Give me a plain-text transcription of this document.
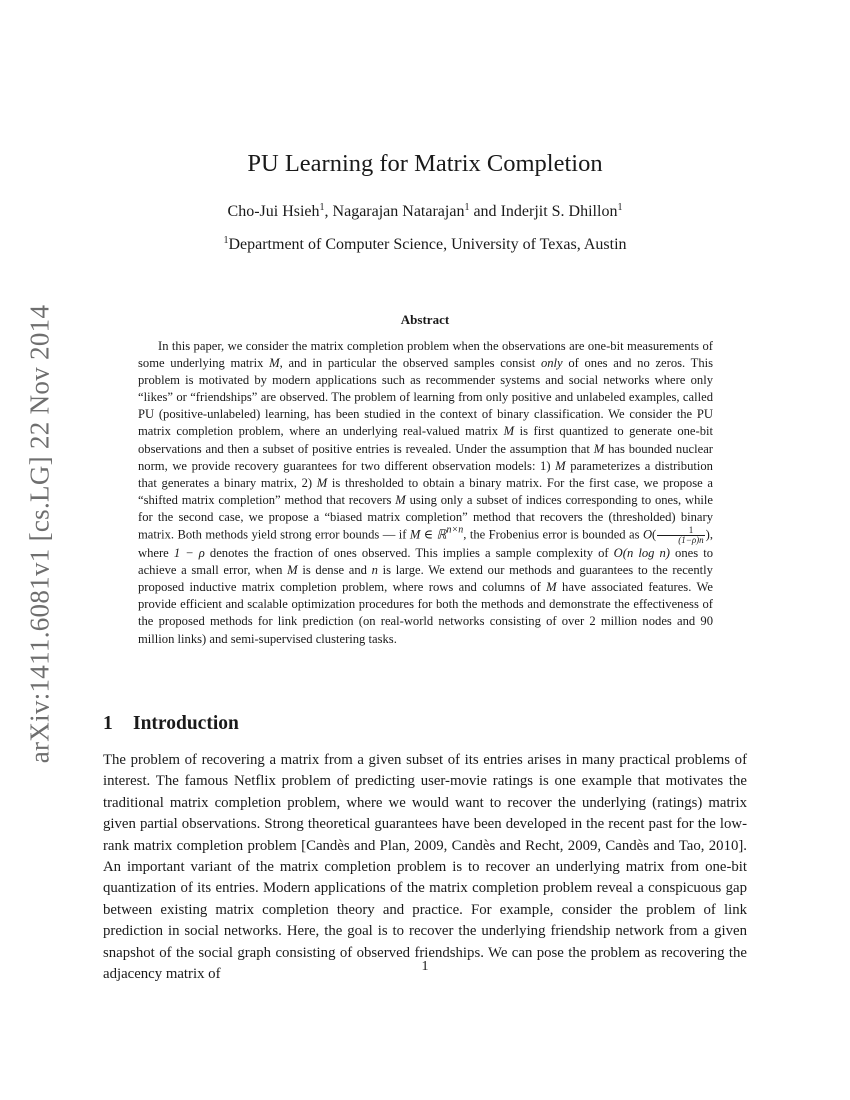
arXiv:1411.6081v1 [cs.LG] 22 Nov 2014
PU Learning for Matrix Completion
Cho-Jui Hsieh$^1$, Nagarajan Natarajan$^1$ and Inderjit S. Dhillon$^1$
$^1$Department of Computer Science, University of Texas, Austin
Abstract

In this paper, we consider the matrix completion problem when the observations are one-bit measurements of some underlying matrix M, and in particular the observed samples consist only of ones and no zeros. This problem is motivated by modern applications such as recommender systems and social networks where only “likes” or “friendships” are observed. The problem of learning from only positive and unlabeled examples, called PU (positive-unlabeled) learning, has been studied in the context of binary classification. We consider the PU matrix completion problem, where an underlying real-valued matrix M is first quantized to generate one-bit observations and then a subset of positive entries is revealed. Under the assumption that M has bounded nuclear norm, we provide recovery guarantees for two different observation models: 1) M parameterizes a distribution that generates a binary matrix, 2) M is thresholded to obtain a binary matrix. For the first case, we propose a “shifted matrix completion” method that recovers M using only a subset of indices corresponding to ones, while for the second case, we propose a “biased matrix completion” method that recovers the (thresholded) binary matrix. Both methods yield strong error bounds — if M ∈ ℝ$^{n\times n}$, the Frobenius error is bounded as $O( \frac{1}{(1-\rho)n}$ ), where 1 − ρ denotes the fraction of ones observed. This implies a sample complexity of O(n log n) ones to achieve a small error, when M is dense and n is large. We extend our methods and guarantees to the recently proposed inductive matrix completion problem, where rows and columns of M have associated features. We provide efficient and scalable optimization procedures for both the methods and demonstrate the effectiveness of the proposed methods for link prediction (on real-world networks consisting of over 2 million nodes and 90 million links) and semi-supervised clustering tasks.

1 Introduction

The problem of recovering a matrix from a given subset of its entries arises in many practical problems of interest. The famous Netflix problem of predicting user-movie ratings is one example that motivates the traditional matrix completion problem, where we would want to recover the underlying (ratings) matrix given partial observations. Strong theoretical guarantees have been developed in the recent past for the low-rank matrix completion problem [Candès and Plan, 2009, Candès and Recht, 2009, Candès and Tao, 2010]. An important variant of the matrix completion problem is to recover an underlying matrix from one-bit quantization of its entries. Modern applications of the matrix completion problem reveal a conspicuous gap between existing matrix completion theory and practice. For example, consider the problem of link prediction in social networks. Here, the goal is to recover the underlying friendship network from a given snapshot of the social graph consisting of observed friendships. We can pose the problem as recovering the adjacency matrix of	1
